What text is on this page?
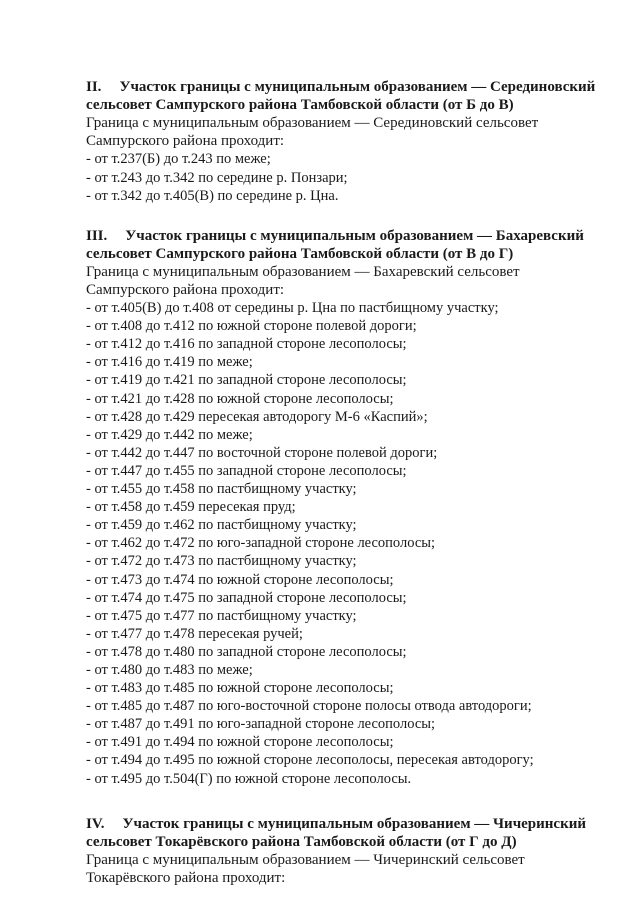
II. Участок границы с муниципальным образованием — Серединовский

сельсовет Сампурского района Тамбовской области (от Б до В)

Граница с муниципальным образованием — Серединовский сельсовет

Сампурского района проходит:

- от т.237(Б) до т.243 по меже;
- от т.243 до т.342 по середине р. Понзари;
- от т.342 до т.405(В) по середине р. Цна.

III. Участок границы с муниципальным образованием — Бахаревский

сельсовет Сампурского района Тамбовской области (от В до Г)

Граница с муниципальным образованием — Бахаревский сельсовет

Сампурского района проходит:

- от т.405(В) до т.408 от середины р. Цна по пастбищному участку;
- от т.408 до т.412 по южной стороне полевой дороги;
- от т.412 до т.416 по западной стороне лесополосы;
- от т.416 до т.419 по меже;
- от т.419 до т.421 по западной стороне лесополосы;
- от т.421 до т.428 по южной стороне лесополосы;
- от т.428 до т.429 пересекая автодорогу М-6 «Каспий»;
- от т.429 до т.442 по меже;
- от т.442 до т.447 по восточной стороне полевой дороги;
- от т.447 до т.455 по западной стороне лесополосы;
- от т.455 до т.458 по пастбищному участку;
- от т.458 до т.459 пересекая пруд;
- от т.459 до т.462 по пастбищному участку;
- от т.462 до т.472 по юго-западной стороне лесополосы;
- от т.472 до т.473 по пастбищному участку;
- от т.473 до т.474 по южной стороне лесополосы;
- от т.474 до т.475 по западной стороне лесополосы;
- от т.475 до т.477 по пастбищному участку;
- от т.477 до т.478 пересекая ручей;
- от т.478 до т.480 по западной стороне лесополосы;
- от т.480 до т.483 по меже;
- от т.483 до т.485 по южной стороне лесополосы;
- от т.485 до т.487 по юго-восточной стороне полосы отвода автодороги;
- от т.487 до т.491 по юго-западной стороне лесополосы;
- от т.491 до т.494 по южной стороне лесополосы;
- от т.494 до т.495 по южной стороне лесополосы, пересекая автодорогу;
- от т.495 до т.504(Г) по южной стороне лесополосы.

IV. Участок границы с муниципальным образованием — Чичеринский

сельсовет Токарёвского района Тамбовской области (от Г до Д)

Граница с муниципальным образованием — Чичеринский сельсовет

Токарёвского района проходит:
